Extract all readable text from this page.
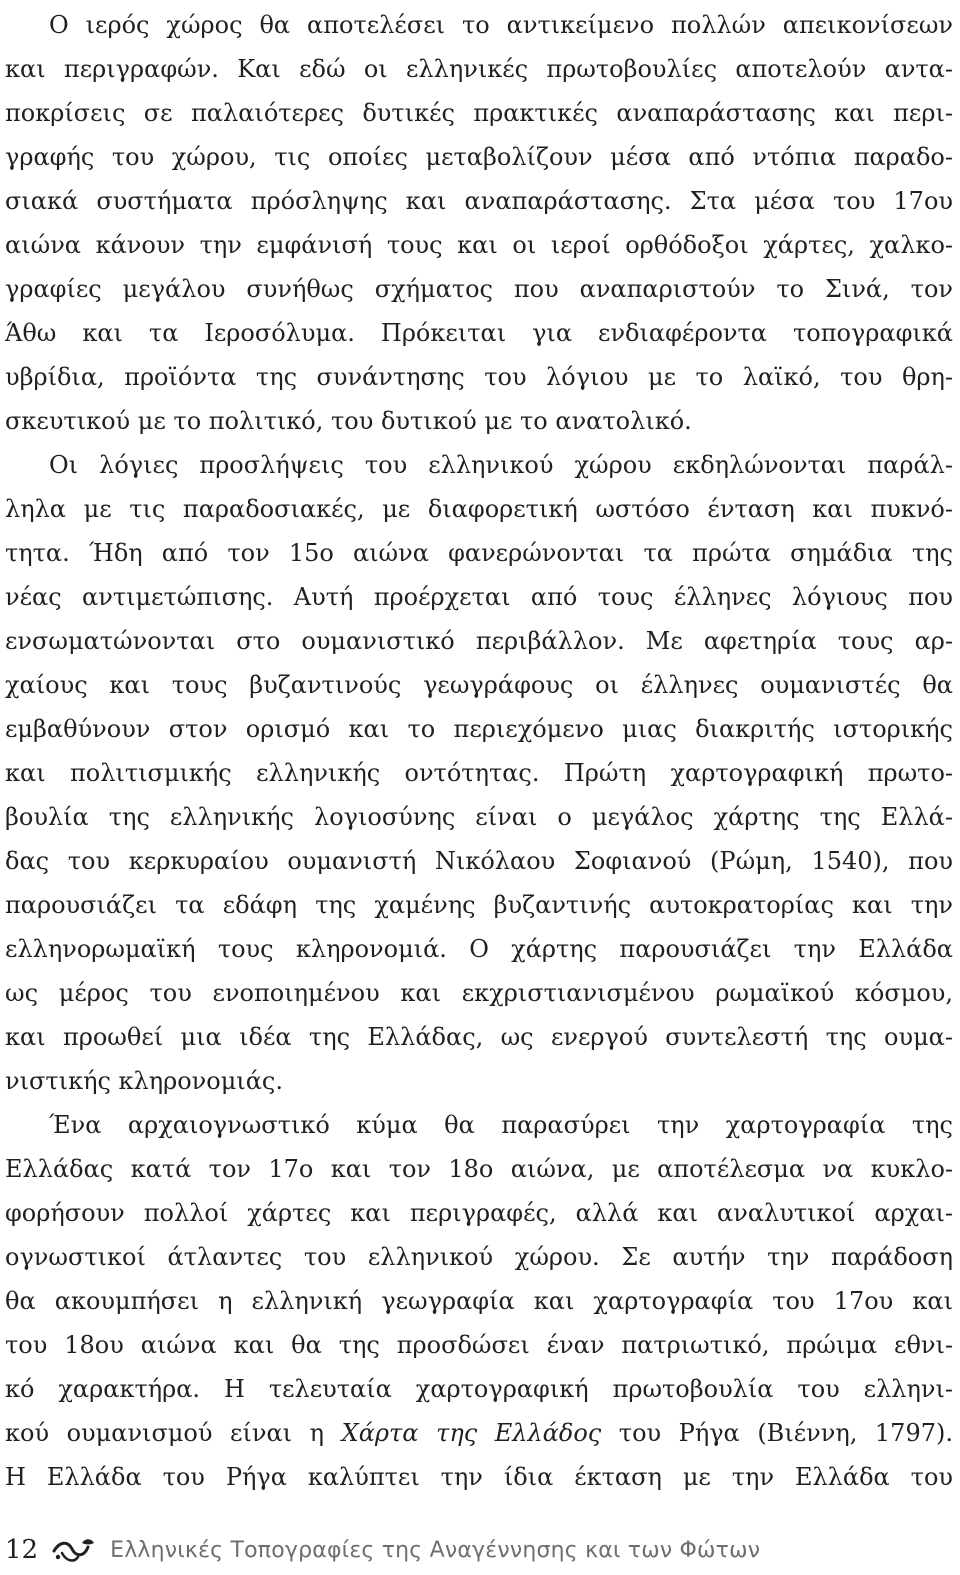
Ο ιερός χώρος θα αποτελέσει το αντικείμενο πολλών απεικονίσεων
και περιγραφών. Και εδώ οι ελληνικές πρωτοβουλίες αποτελούν αντα-
ποκρίσεις σε παλαιότερες δυτικές πρακτικές αναπαράστασης και περι-
γραφής του χώρου, τις οποίες μεταβολίζουν μέσα από ντόπια παραδο-
σιακά συστήματα πρόσληψης και αναπαράστασης. Στα μέσα του 17ου
αιώνα κάνουν την εμφάνισή τους και οι ιεροί ορθόδοξοι χάρτες, χαλκο-
γραφίες μεγάλου συνήθως σχήματος που αναπαριστούν το Σινά, τον
Άθω και τα Ιεροσόλυμα. Πρόκειται για ενδιαφέροντα τοπογραφικά
υβρίδια, προϊόντα της συνάντησης του λόγιου με το λαϊκό, του θρη-
σκευτικού με το πολιτικό, του δυτικού με το ανατολικό.
Οι λόγιες προσλήψεις του ελληνικού χώρου εκδηλώνονται παράλ-
ληλα με τις παραδοσιακές, με διαφορετική ωστόσο ένταση και πυκνό-
τητα. Ήδη από τον 15ο αιώνα φανερώνονται τα πρώτα σημάδια της
νέας αντιμετώπισης. Αυτή προέρχεται από τους έλληνες λόγιους που
ενσωματώνονται στο ουμανιστικό περιβάλλον. Με αφετηρία τους αρ-
χαίους και τους βυζαντινούς γεωγράφους οι έλληνες ουμανιστές θα
εμβαθύνουν στον ορισμό και το περιεχόμενο μιας διακριτής ιστορικής
και πολιτισμικής ελληνικής οντότητας. Πρώτη χαρτογραφική πρωτο-
βουλία της ελληνικής λογιοσύνης είναι ο μεγάλος χάρτης της Ελλά-
δας του κερκυραίου ουμανιστή Νικόλαου Σοφιανού (Ρώμη, 1540), που
παρουσιάζει τα εδάφη της χαμένης βυζαντινής αυτοκρατορίας και την
ελληνορωμαϊκή τους κληρονομιά. Ο χάρτης παρουσιάζει την Ελλάδα
ως μέρος του ενοποιημένου και εκχριστιανισμένου ρωμαϊκού κόσμου,
και προωθεί μια ιδέα της Ελλάδας, ως ενεργού συντελεστή της ουμα-
νιστικής κληρονομιάς.
Ένα αρχαιογνωστικό κύμα θα παρασύρει την χαρτογραφία της
Ελλάδας κατά τον 17ο και τον 18ο αιώνα, με αποτέλεσμα να κυκλο-
φορήσουν πολλοί χάρτες και περιγραφές, αλλά και αναλυτικοί αρχαι-
ογνωστικοί άτλαντες του ελληνικού χώρου. Σε αυτήν την παράδοση
θα ακουμπήσει η ελληνική γεωγραφία και χαρτογραφία του 17ου και
του 18ου αιώνα και θα της προσδώσει έναν πατριωτικό, πρώιμα εθνι-
κό χαρακτήρα. Η τελευταία χαρτογραφική πρωτοβουλία του ελληνι-
κού ουμανισμού είναι η Χάρτα της Ελλάδος του Ρήγα (Βιέννη, 1797).
Η Ελλάδα του Ρήγα καλύπτει την ίδια έκταση με την Ελλάδα του
12	Ελληνικές Τοπογραφίες της Αναγέννησης και των Φώτων
